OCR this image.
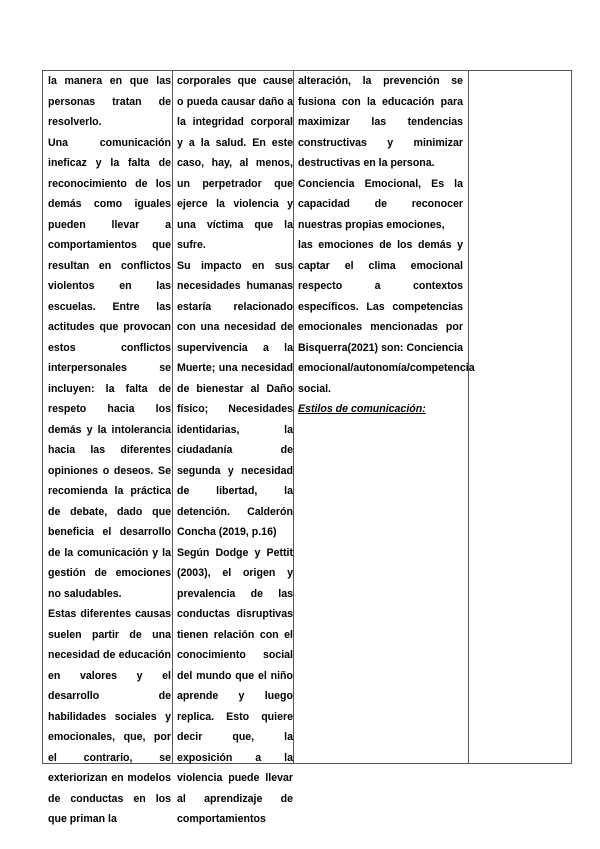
la manera en que las personas tratan de resolverlo.

Una comunicación ineficaz y la falta de reconocimiento de los demás como iguales pueden llevar a comportamientos que resultan en conflictos violentos en las escuelas. Entre las actitudes que provocan estos conflictos interpersonales se incluyen: la falta de respeto hacia los demás y la intolerancia hacia las diferentes opiniones o deseos. Se recomienda la práctica de debate, dado que beneficia el desarrollo de la comunicación y la gestión de emociones no saludables.

Estas diferentes causas suelen partir de una necesidad de educación en valores y el desarrollo de habilidades sociales y emocionales, que, por el contrario, se exteriorizan en modelos de conductas en los que priman la

corporales que cause o pueda causar daño a la integridad corporal y a la salud. En este caso, hay, al menos, un perpetrador que ejerce la violencia y una víctima que la sufre.

Su impacto en sus necesidades humanas estaría relacionado con una necesidad de supervivencia a la Muerte; una necesidad de bienestar al Daño físico; Necesidades identidarias, la ciudadanía de segunda y necesidad de libertad, la detención. Calderón Concha (2019, p.16)

Según Dodge y Pettit (2003), el origen y prevalencia de las conductas disruptivas tienen relación con el conocimiento social del mundo que el niño aprende y luego replica. Esto quiere decir que, la exposición a la violencia puede llevar al aprendizaje de comportamientos

alteración, la prevención se fusiona con la educación para maximizar las tendencias constructivas y minimizar destructivas en la persona.

Conciencia Emocional, Es la capacidad de reconocer nuestras propias emociones,

las emociones de los demás y captar el clima emocional respecto a contextos específicos. Las competencias emocionales mencionadas por Bisquerra(2021) son: Conciencia emocional/autonomía/competencia social.

Estilos de comunicación:
